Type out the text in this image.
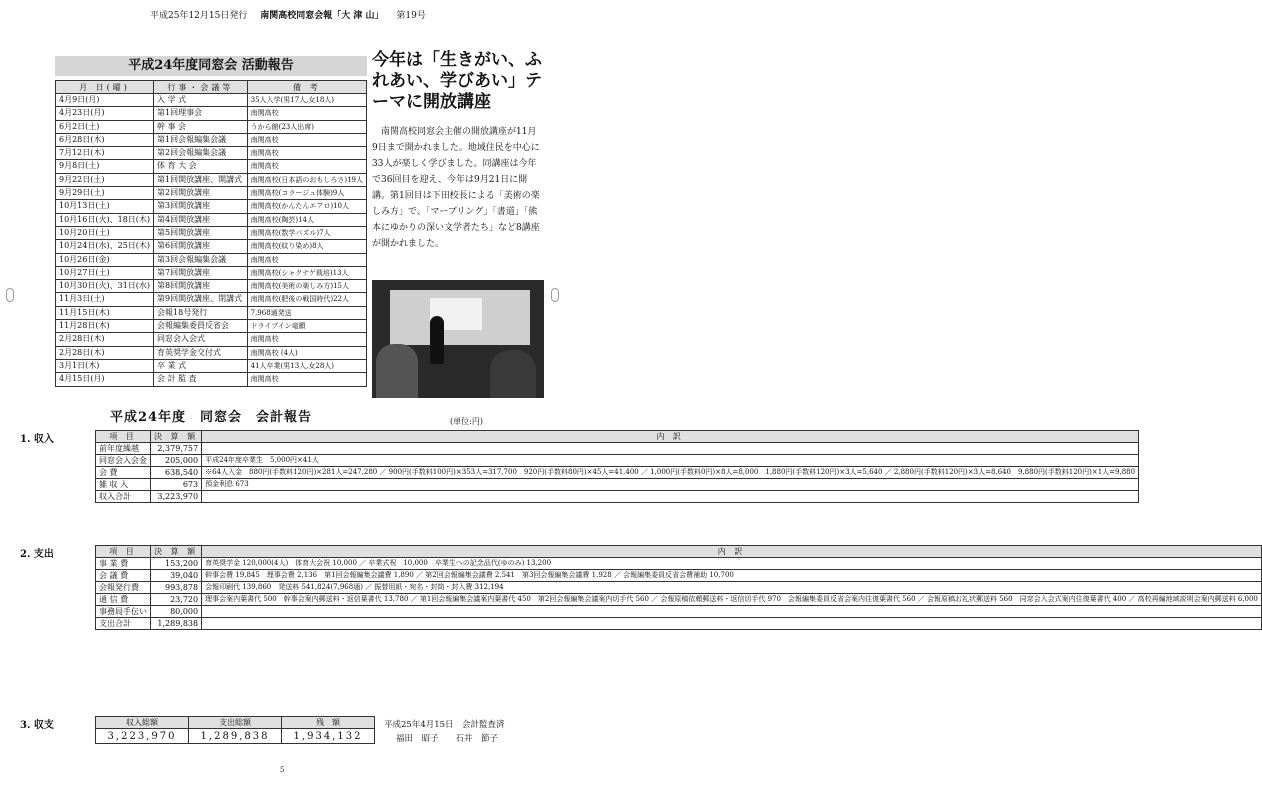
平成25年12月15日発行 南関高校同窓会報「大 津 山」 第19号
平成24年度同窓会 活動報告
月 日(曜)	行事・会議等	備 考
4月9日(月)	入 学 式	35人入学(男17人,女18人)
4月23日(月)	第1回理事会	南関高校
6月2日(土)	幹 事 会	うから館(23人出席)
6月28日(木)	第1回会報編集会議	南関高校
7月12日(木)	第2回会報編集会議	南関高校
9月8日(土)	体 育 大 会	南関高校
9月22日(土)	第1回開放講座、開講式	南関高校(日本語のおもしろさ)19人
9月29日(土)	第2回開放講座	南関高校(コラージュ体験)9人
10月13日(土)	第3回開放講座	南関高校(かんたんエアロ)10人
10月16日(火)、18日(木)	第4回開放講座	南関高校(陶芸)14人
10月20日(土)	第5回開放講座	南関高校(数学パズル)7人
10月24日(水)、25日(木)	第6回開放講座	南関高校(紋り染め)8人
10月26日(金)	第3回会報編集会議	南関高校
10月27日(土)	第7回開放講座	南関高校(シャクナゲ栽培)13人
10月30日(火)、31日(水)	第8回開放講座	南関高校(美術の楽しみ方)15人
11月3日(土)	第9回開放講座、閉講式	南関高校(肥後の戦国時代)22人
11月15日(木)	会報18号発行	7,968通発送
11月28日(木)	会報編集委員反省会	ドライブイン竜願
2月28日(木)	同窓会入会式	南関高校
2月28日(木)	育英奨学金交付式	南関高校 (4人)
3月1日(木)	卒 業 式	41人卒業(男13人,女28人)
4月15日(月)	会 計 監 査	南関高校
今年は「生きがい、ふれあい、学びあい」テーマに開放講座
南関高校同窓会主催の開放講座が11月9日まで開かれました。地域住民を中心に33人が楽しく学びました。同講座は今年で36回目を迎え、今年は9月21日に開講。第1回目は下田校長による「美術の楽しみ方」で、「マーブリング」「書道」「熊本にゆかりの深い文学者たち」など8講座が開かれました。
平成24年度　同窓会　会計報告	(単位:円)
1. 収入	項 目	決 算 額	内 訳
前年度繰越	2,379,757	
同窓会入会金	205,000	平成24年度卒業生　5,000円×41人
会 費	638,540	※64人入金　880円(手数料120円)×281人=247,280 ／ 900円(手数料100円)×353人=317,700　920円(手数料80円)×45人=41,400 ／ 1,000円(手数料0円)×8人=8,000　1,880円(手数料120円)×3人=5,640 ／ 2,880円(手数料120円)×3人=8,640　9,880円(手数料120円)×1人=9,880
雑 収 入	673	預金利息 673
収入合計	3,223,970	
2. 支出	項 目	決 算 額	内 訳
事 業 費	153,200	育英奨学金 120,000(4人)　体育大会祝 10,000 ／ 卒業式祝　10,000　卒業生への記念品代(ゆのみ) 13,200
会 議 費	39,040	幹事会費 19,845　理事会費 2,136　第1回会報編集会議費 1,890 ／ 第2回会報編集会議費 2,541　第3回会報編集会議費 1,928 ／ 会報編集委員反省会費補助 10,700
会報発行費	993,878	会報印刷代 139,860　発送料 541,824(7,968通) ／ 振替用紙・宛名・封筒・封入費 312,194
通 信 費	23,720	理事会案内葉書代 500　幹事会案内郵送料・返信葉書代 13,780 ／ 第1回会報編集会議案内葉書代 450　第2回会報編集会議案内切手代 560 ／ 会報原稿依頼郵送料・返信切手代 970　会報編集委員反省会案内往復葉書代 560 ／ 会報原稿お礼状郵送料 560　同窓会入会式案内往復葉書代 400 ／ 高校再編地域説明会案内郵送料 6,000
事務局手伝い	80,000	
支出合計	1,289,838	
3. 収支	収入総額	支出総額	残　額
3,223,970	1,289,838	1,934,132
平成25年4月15日　会計監査済
福田　昭子　　石井　節子
5
